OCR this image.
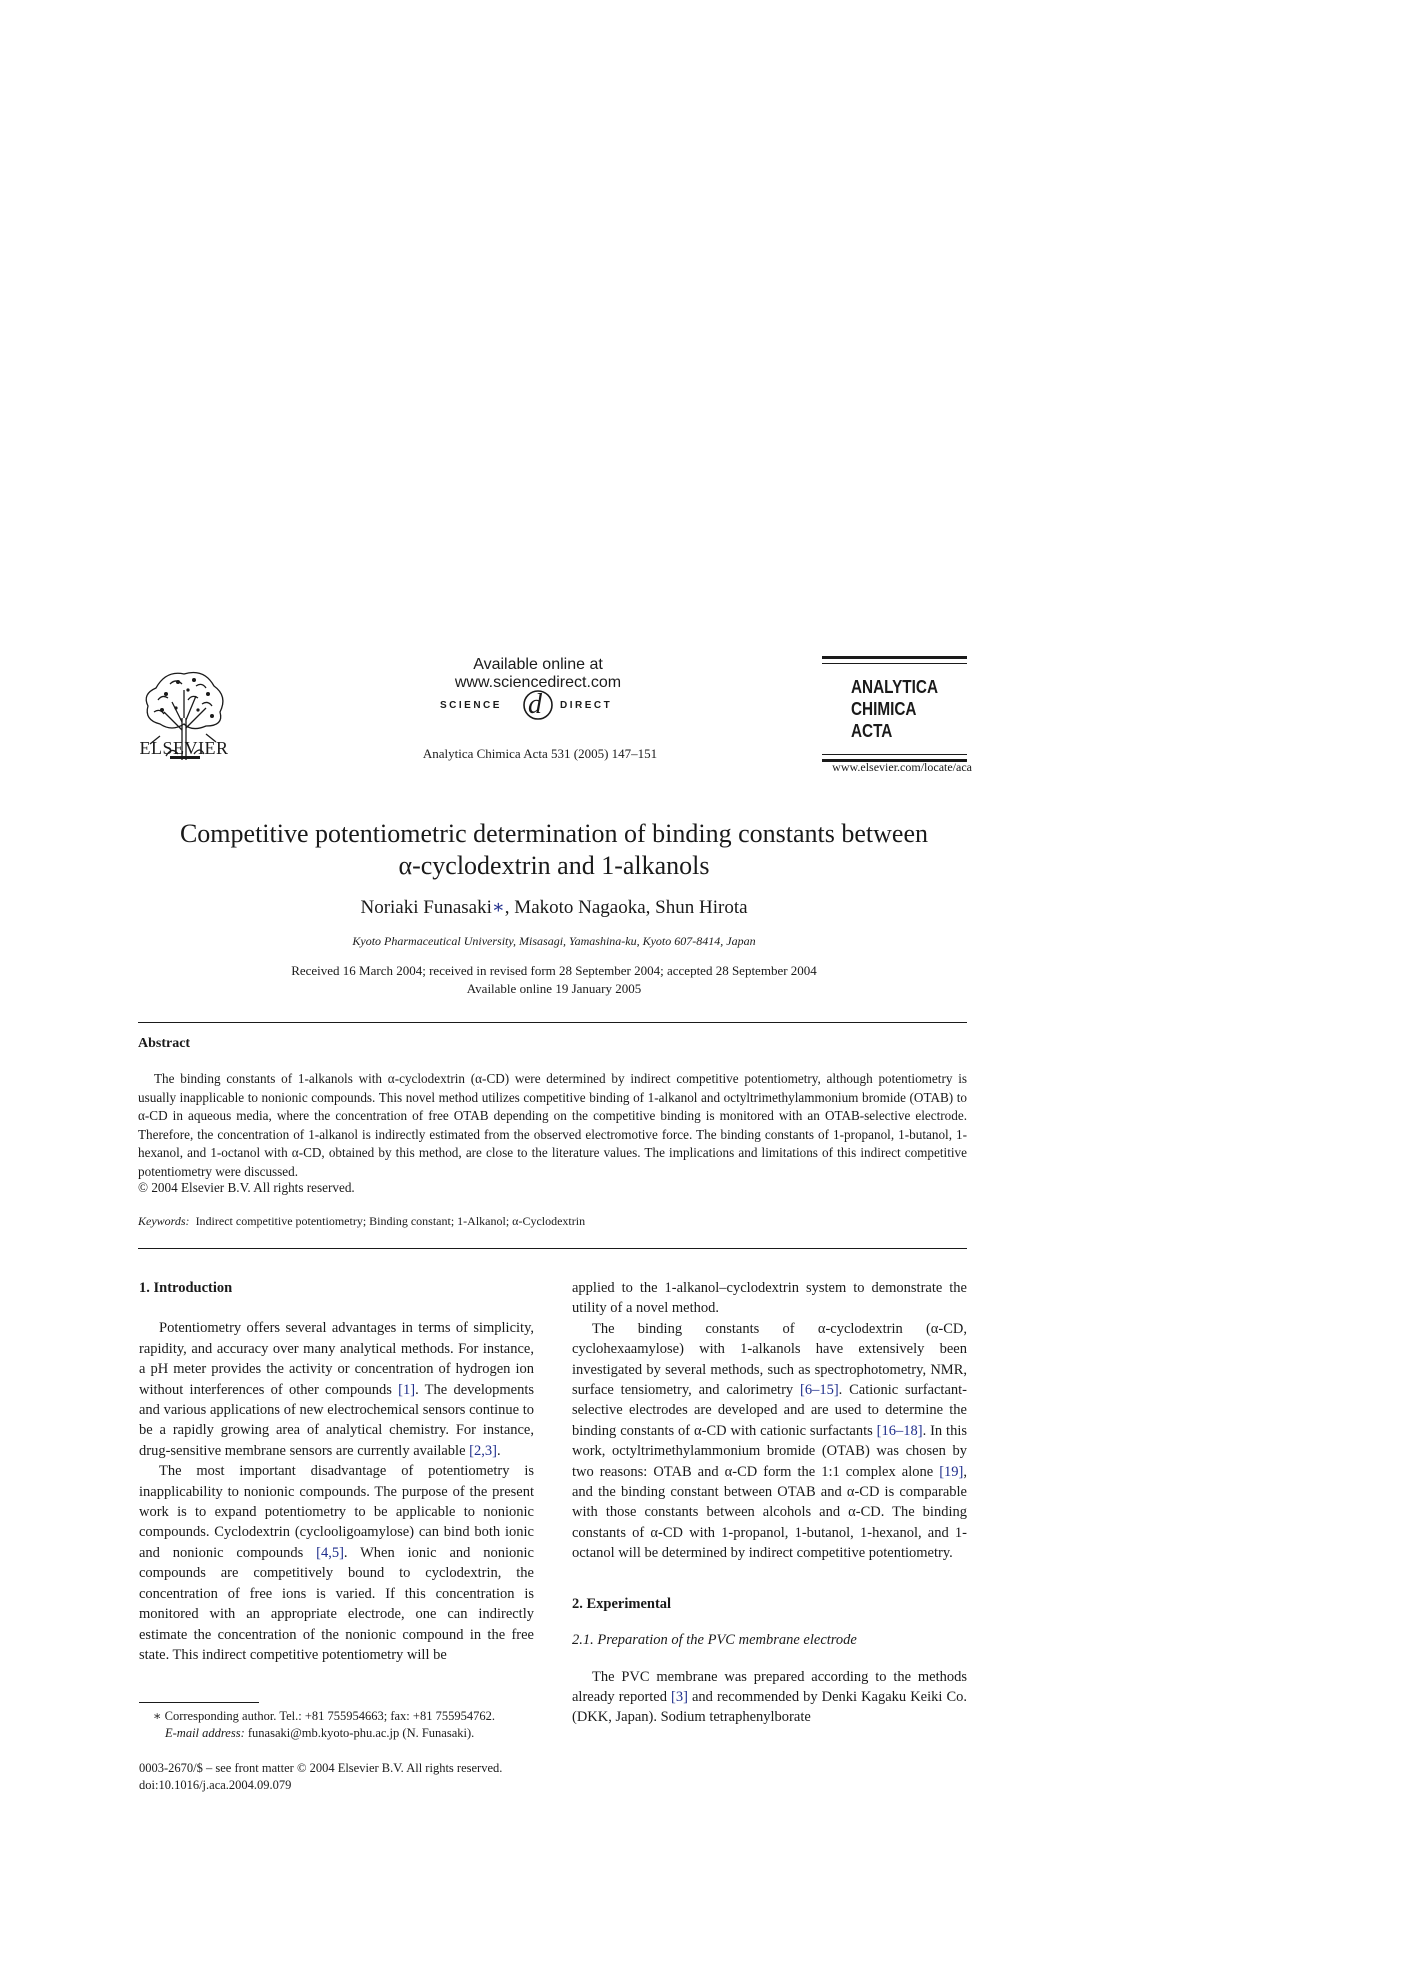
ELSEVIER
Available online at www.sciencedirect.com
SCIENCE d DIRECT
Analytica Chimica Acta 531 (2005) 147–151
ANALYTICA
CHIMICA
ACTA
www.elsevier.com/locate/aca
Competitive potentiometric determination of binding constants between
α-cyclodextrin and 1-alkanols
Noriaki Funasaki∗, Makoto Nagaoka, Shun Hirota
Kyoto Pharmaceutical University, Misasagi, Yamashina-ku, Kyoto 607-8414, Japan
Received 16 March 2004; received in revised form 28 September 2004; accepted 28 September 2004
Available online 19 January 2005
Abstract
The binding constants of 1-alkanols with α-cyclodextrin (α-CD) were determined by indirect competitive potentiometry, although potentiometry is usually inapplicable to nonionic compounds. This novel method utilizes competitive binding of 1-alkanol and octyltrimethylammonium bromide (OTAB) to α-CD in aqueous media, where the concentration of free OTAB depending on the competitive binding is monitored with an OTAB-selective electrode. Therefore, the concentration of 1-alkanol is indirectly estimated from the observed electromotive force. The binding constants of 1-propanol, 1-butanol, 1-hexanol, and 1-octanol with α-CD, obtained by this method, are close to the literature values. The implications and limitations of this indirect competitive potentiometry were discussed.
© 2004 Elsevier B.V. All rights reserved.
Keywords: Indirect competitive potentiometry; Binding constant; 1-Alkanol; α-Cyclodextrin
1. Introduction

Potentiometry offers several advantages in terms of simplicity, rapidity, and accuracy over many analytical methods. For instance, a pH meter provides the activity or concentration of hydrogen ion without interferences of other compounds [1]. The developments and various applications of new electrochemical sensors continue to be a rapidly growing area of analytical chemistry. For instance, drug-sensitive membrane sensors are currently available [2,3].

The most important disadvantage of potentiometry is inapplicability to nonionic compounds. The purpose of the present work is to expand potentiometry to be applicable to nonionic compounds. Cyclodextrin (cyclooligoamylose) can bind both ionic and nonionic compounds [4,5]. When ionic and nonionic compounds are competitively bound to cyclodextrin, the concentration of free ions is varied. If this concentration is monitored with an appropriate electrode, one can indirectly estimate the concentration of the nonionic compound in the free state. This indirect competitive potentiometry will be

applied to the 1-alkanol–cyclodextrin system to demonstrate the utility of a novel method.

The binding constants of α-cyclodextrin (α-CD, cyclohexaamylose) with 1-alkanols have extensively been investigated by several methods, such as spectrophotometry, NMR, surface tensiometry, and calorimetry [6–15]. Cationic surfactant-selective electrodes are developed and are used to determine the binding constants of α-CD with cationic surfactants [16–18]. In this work, octyltrimethylammonium bromide (OTAB) was chosen by two reasons: OTAB and α-CD form the 1:1 complex alone [19], and the binding constant between OTAB and α-CD is comparable with those constants between alcohols and α-CD. The binding constants of α-CD with 1-propanol, 1-butanol, 1-hexanol, and 1-octanol will be determined by indirect competitive potentiometry.

2. Experimental
2.1. Preparation of the PVC membrane electrode

The PVC membrane was prepared according to the methods already reported [3] and recommended by Denki Kagaku Keiki Co. (DKK, Japan). Sodium tetraphenylborate

∗ Corresponding author. Tel.: +81 755954663; fax: +81 755954762.
E-mail address: funasaki@mb.kyoto-phu.ac.jp (N. Funasaki).
0003-2670/$ – see front matter © 2004 Elsevier B.V. All rights reserved.
doi:10.1016/j.aca.2004.09.079
